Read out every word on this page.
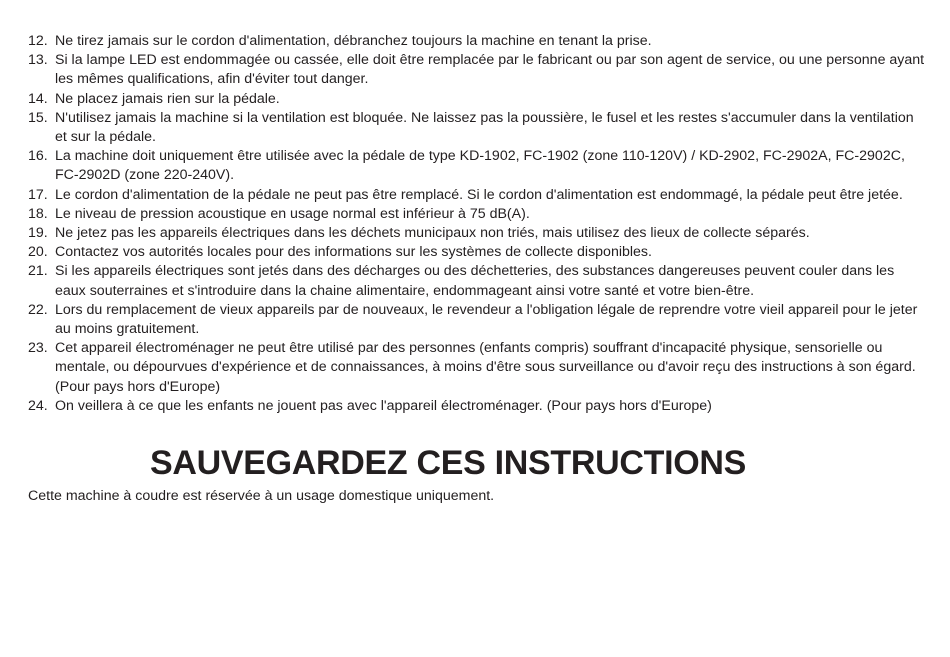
12. Ne tirez jamais sur le cordon d'alimentation, débranchez toujours la machine en tenant la prise.
13. Si la lampe LED est endommagée ou cassée, elle doit être remplacée par le fabricant ou par son agent de service, ou une personne ayant les mêmes qualifications, afin d'éviter tout danger.
14. Ne placez jamais rien sur la pédale.
15. N'utilisez jamais la machine si la ventilation est bloquée. Ne laissez pas la poussière, le fusel et les restes s'accumuler dans la ventilation et sur la pédale.
16. La machine doit uniquement être utilisée avec la pédale de type KD-1902, FC-1902 (zone 110-120V) / KD-2902, FC-2902A, FC-2902C, FC-2902D (zone 220-240V).
17. Le cordon d'alimentation de la pédale ne peut pas être remplacé. Si le cordon d'alimentation est endommagé, la pédale peut être jetée.
18. Le niveau de pression acoustique en usage normal est inférieur à 75 dB(A).
19. Ne jetez pas les appareils électriques dans les déchets municipaux non triés, mais utilisez des lieux de collecte séparés.
20. Contactez vos autorités locales pour des informations sur les systèmes de collecte disponibles.
21. Si les appareils électriques sont jetés dans des décharges ou des déchetteries, des substances dangereuses peuvent couler dans les eaux souterraines et s'introduire dans la chaine alimentaire, endommageant ainsi votre santé et votre bien-être.
22. Lors du remplacement de vieux appareils par de nouveaux, le revendeur a l'obligation légale de reprendre votre vieil appareil pour le jeter au moins gratuitement.
23. Cet appareil électroménager ne peut être utilisé par des personnes (enfants compris) souffrant d'incapacité physique, sensorielle ou mentale, ou dépourvues d'expérience et de connaissances, à moins d'être sous surveillance ou d'avoir reçu des instructions à son égard. (Pour pays hors d'Europe)
24. On veillera à ce que les enfants ne jouent pas avec l'appareil électroménager. (Pour pays hors d'Europe)
SAUVEGARDEZ CES INSTRUCTIONS

Cette machine à coudre est réservée à un usage domestique uniquement.
